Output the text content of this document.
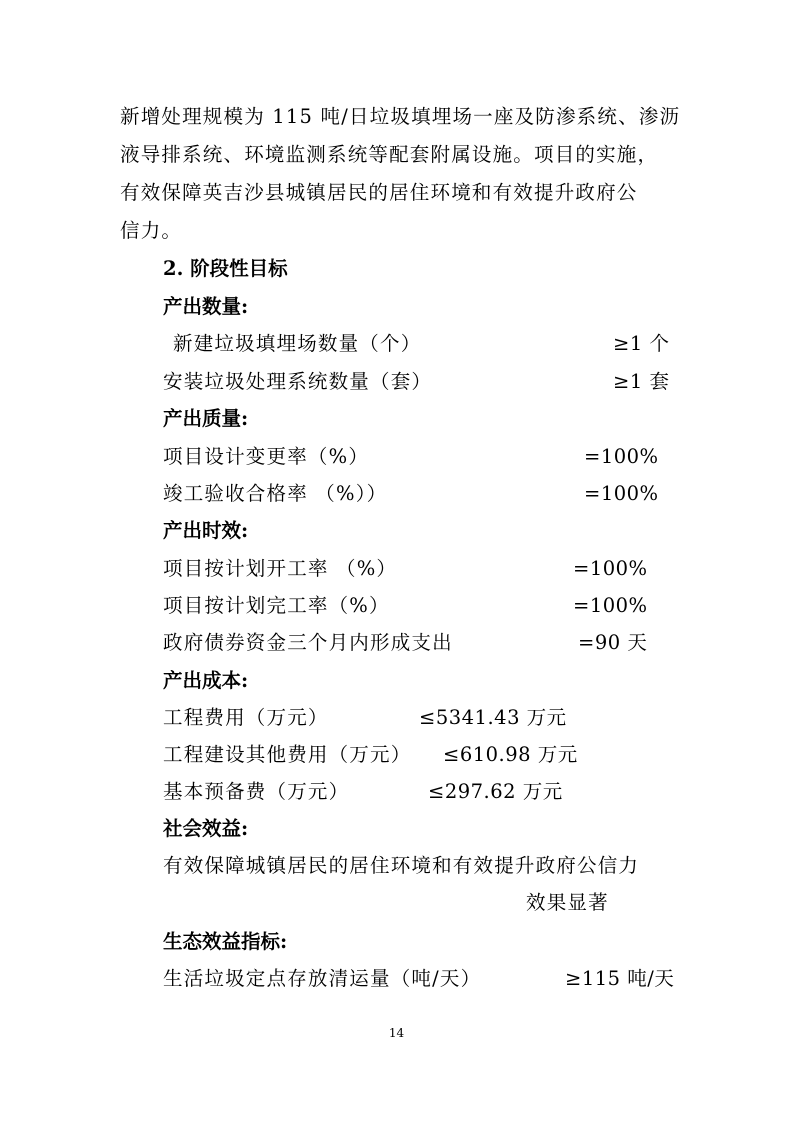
新增处理规模为 115 吨/日垃圾填埋场一座及防渗系统、渗沥
液导排系统、环境监测系统等配套附属设施。项目的实施，
有效保障英吉沙县城镇居民的居住环境和有效提升政府公
信力。
2. 阶段性目标
产出数量:
新建垃圾填埋场数量（个）	≥1 个
安装垃圾处理系统数量（套）	≥1 套
产出质量:
项目设计变更率（%）	=100%
竣工验收合格率 （%））	=100%
产出时效:
项目按计划开工率 （%）	=100%
项目按计划完工率（%）	=100%
政府债券资金三个月内形成支出	=90 天
产出成本:
工程费用（万元）	≤5341.43 万元
工程建设其他费用（万元） ≤610.98 万元
基本预备费（万元）	≤297.62 万元
社会效益:
有效保障城镇居民的居住环境和有效提升政府公信力
效果显著
生态效益指标:
生活垃圾定点存放清运量（吨/天）	≥115 吨/天
14
